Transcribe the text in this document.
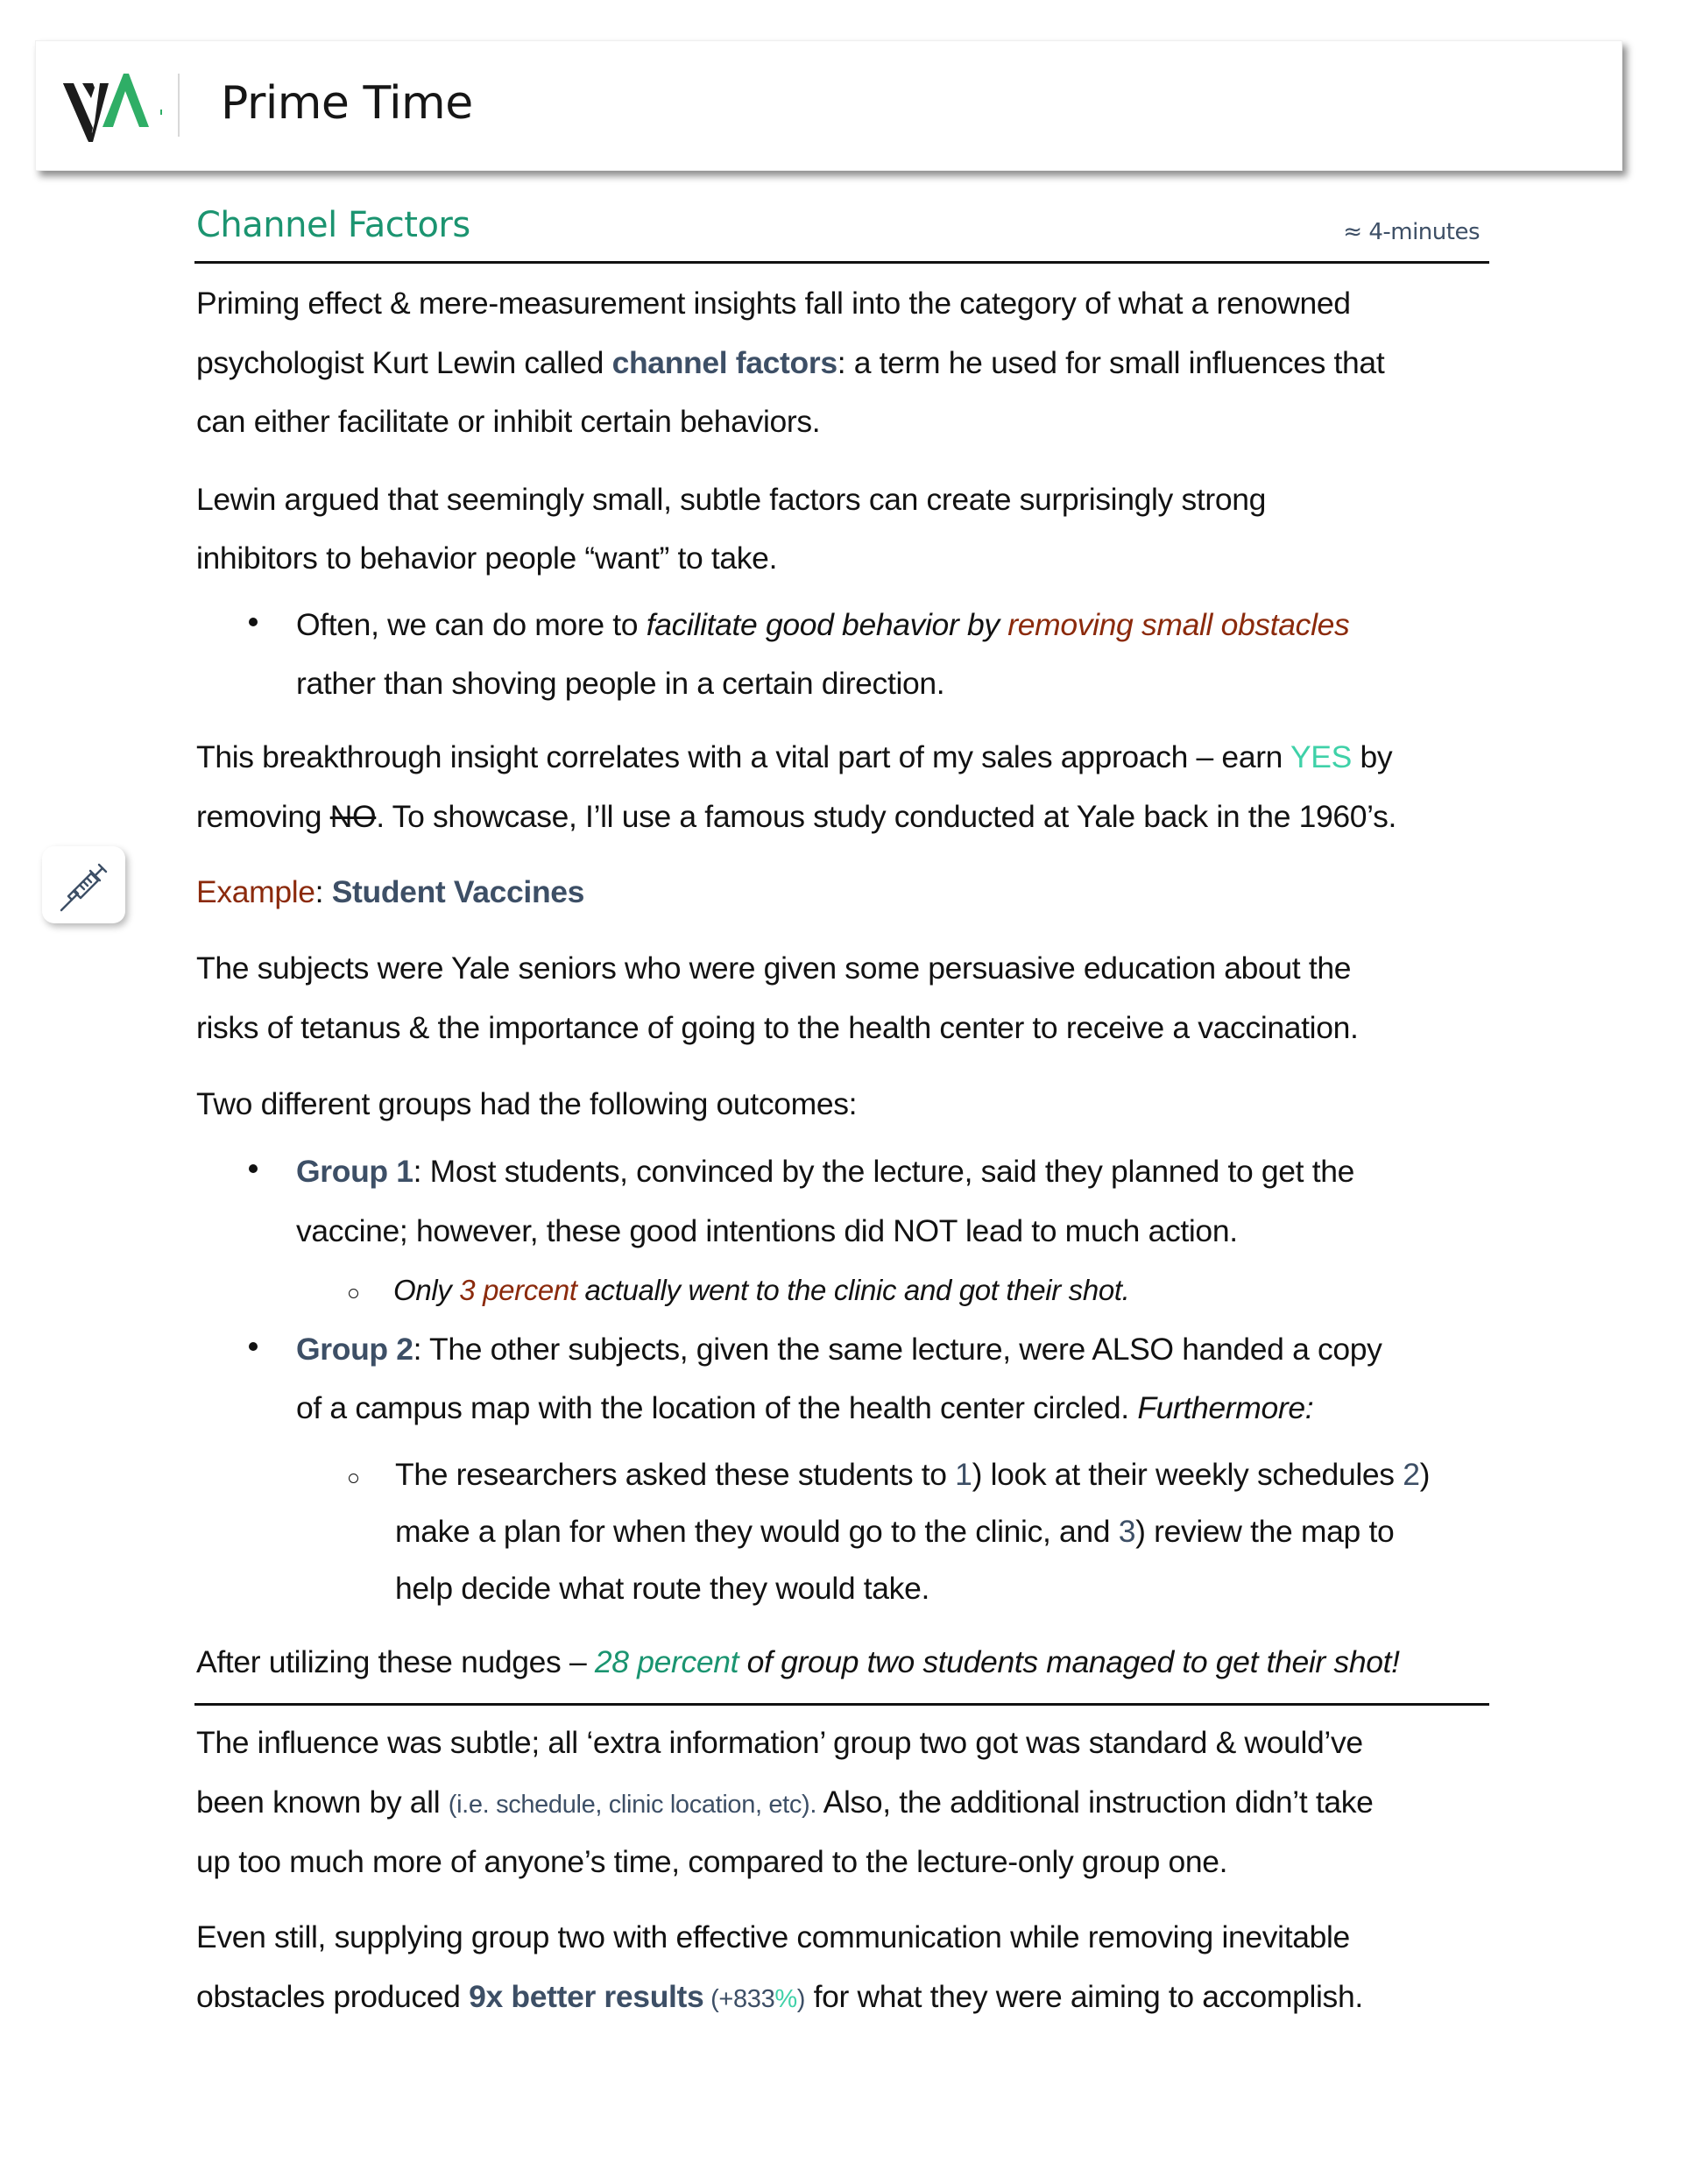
Prime Time
Channel Factors	≈ 4-minutes
Priming effect & mere-measurement insights fall into the category of what a renowned
psychologist Kurt Lewin called channel factors: a term he used for small influences that
can either facilitate or inhibit certain behaviors.
Lewin argued that seemingly small, subtle factors can create surprisingly strong
inhibitors to behavior people “want” to take.
Often, we can do more to facilitate good behavior by removing small obstacles
rather than shoving people in a certain direction.
This breakthrough insight correlates with a vital part of my sales approach – earn YES by
removing NO. To showcase, I’ll use a famous study conducted at Yale back in the 1960’s.
Example: Student Vaccines
The subjects were Yale seniors who were given some persuasive education about the
risks of tetanus & the importance of going to the health center to receive a vaccination.
Two different groups had the following outcomes:
Group 1: Most students, convinced by the lecture, said they planned to get the
vaccine; however, these good intentions did NOT lead to much action.
Only 3 percent actually went to the clinic and got their shot.
Group 2: The other subjects, given the same lecture, were ALSO handed a copy
of a campus map with the location of the health center circled. Furthermore:
The researchers asked these students to 1) look at their weekly schedules 2)
make a plan for when they would go to the clinic, and 3) review the map to
help decide what route they would take.
After utilizing these nudges – 28 percent of group two students managed to get their shot!
The influence was subtle; all ‘extra information’ group two got was standard & would’ve
been known by all (i.e. schedule, clinic location, etc). Also, the additional instruction didn’t take
up too much more of anyone’s time, compared to the lecture-only group one.
Even still, supplying group two with effective communication while removing inevitable
obstacles produced 9x better results (+833%) for what they were aiming to accomplish.
